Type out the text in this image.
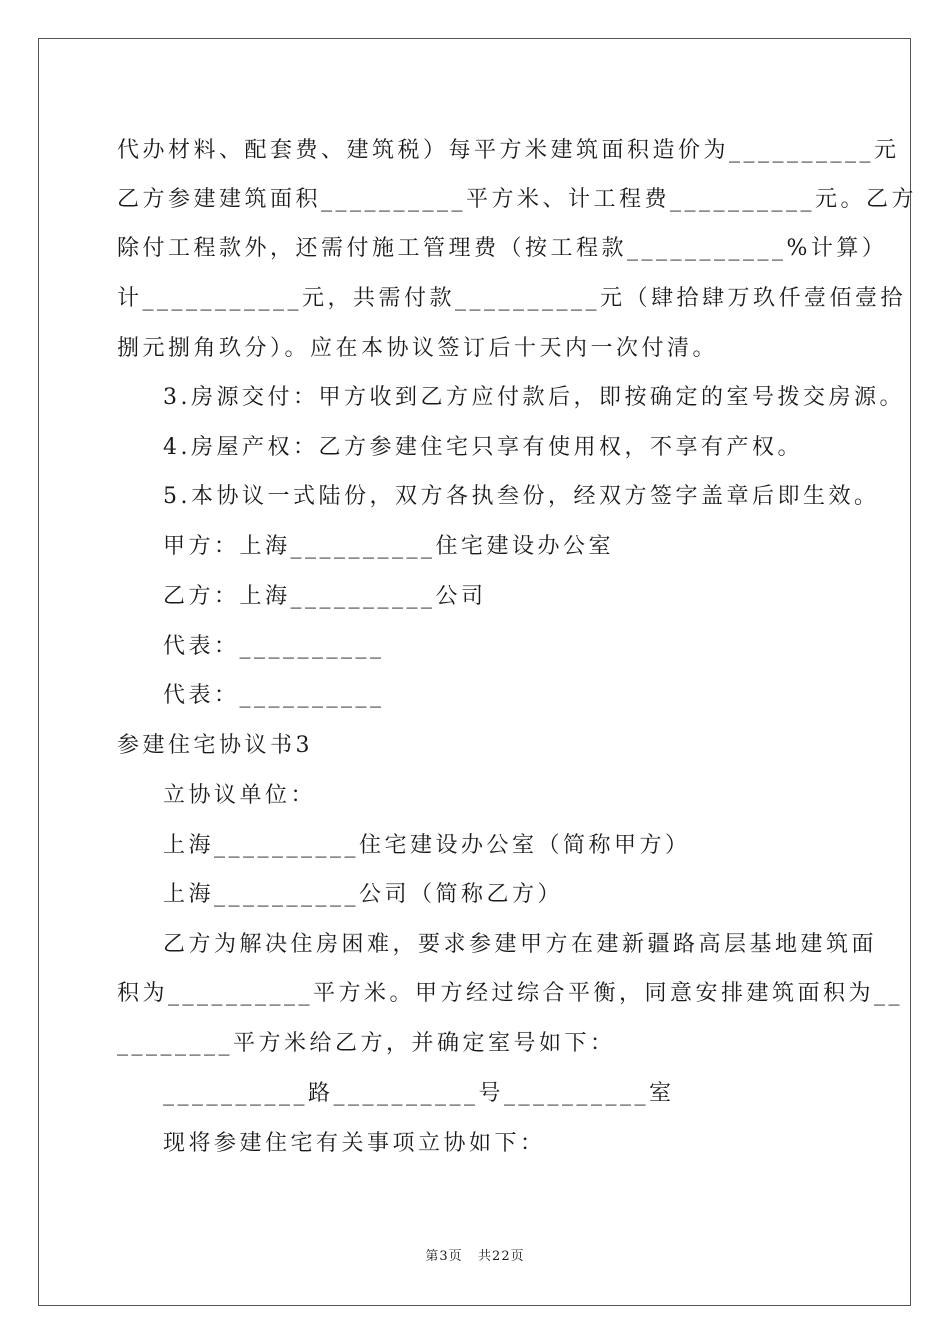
代办材料、配套费、建筑税）每平方米建筑面积造价为__________元
乙方参建建筑面积__________平方米、计工程费__________元。乙方
除付工程款外，还需付施工管理费（按工程款___________%计算）
计___________元，共需付款__________元（肆拾肆万玖仟壹佰壹拾
捌元捌角玖分）。应在本协议签订后十天内一次付清。
3.房源交付：甲方收到乙方应付款后，即按确定的室号拨交房源。
4.房屋产权：乙方参建住宅只享有使用权，不享有产权。
5.本协议一式陆份，双方各执叁份，经双方签字盖章后即生效。
甲方：上海__________住宅建设办公室
乙方：上海__________公司
代表：__________
代表：__________
参建住宅协议书3
立协议单位：
上海__________住宅建设办公室（简称甲方）
上海__________公司（简称乙方）
乙方为解决住房困难，要求参建甲方在建新疆路高层基地建筑面
积为__________平方米。甲方经过综合平衡，同意安排建筑面积为__
________平方米给乙方，并确定室号如下：
__________路__________号__________室
现将参建住宅有关事项立协如下：
第3页   共22页
